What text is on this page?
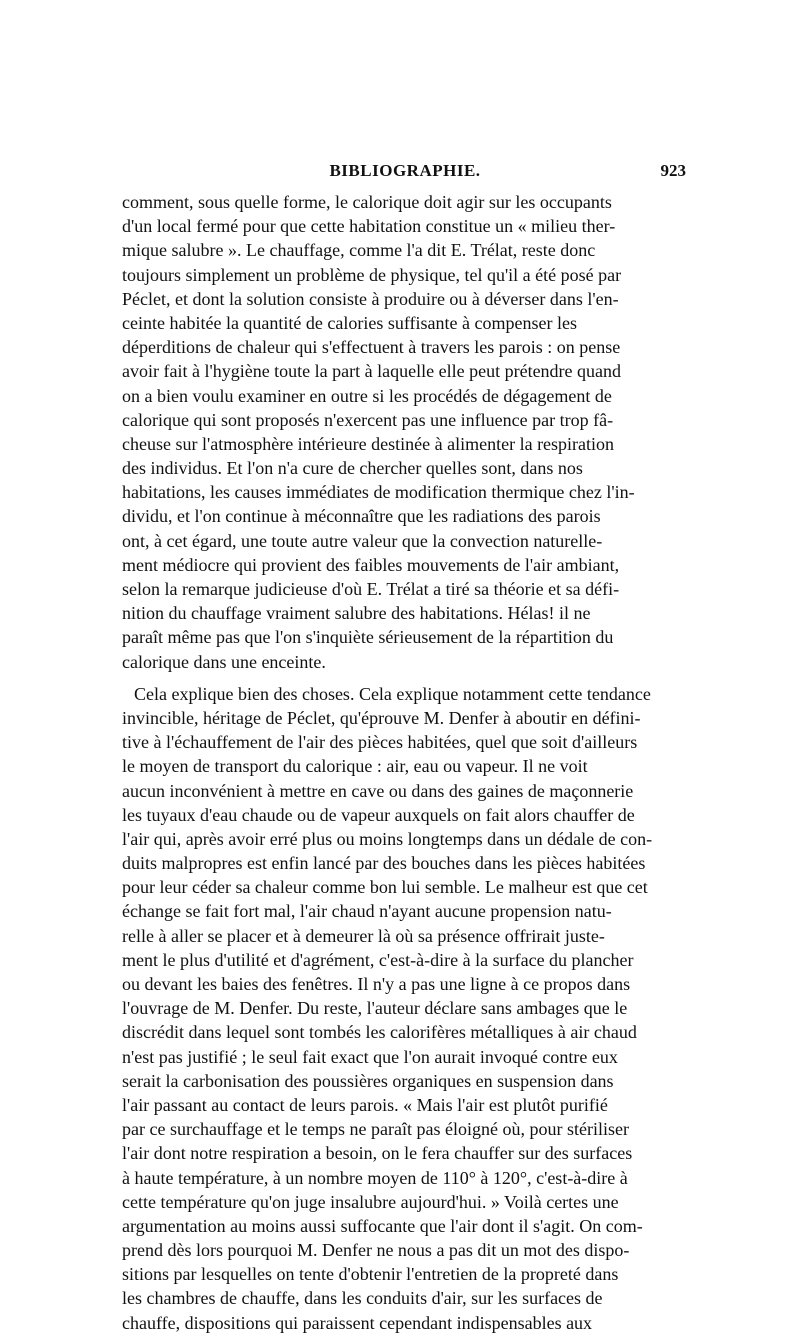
BIBLIOGRAPHIE.	923
comment, sous quelle forme, le calorique doit agir sur les occupants
d'un local fermé pour que cette habitation constitue un « milieu ther-
mique salubre ». Le chauffage, comme l'a dit E. Trélat, reste donc
toujours simplement un problème de physique, tel qu'il a été posé par
Péclet, et dont la solution consiste à produire ou à déverser dans l'en-
ceinte habitée la quantité de calories suffisante à compenser les
déperditions de chaleur qui s'effectuent à travers les parois : on pense
avoir fait à l'hygiène toute la part à laquelle elle peut prétendre quand
on a bien voulu examiner en outre si les procédés de dégagement de
calorique qui sont proposés n'exercent pas une influence par trop fâ-
cheuse sur l'atmosphère intérieure destinée à alimenter la respiration
des individus. Et l'on n'a cure de chercher quelles sont, dans nos
habitations, les causes immédiates de modification thermique chez l'in-
dividu, et l'on continue à méconnaître que les radiations des parois
ont, à cet égard, une toute autre valeur que la convection naturelle-
ment médiocre qui provient des faibles mouvements de l'air ambiant,
selon la remarque judicieuse d'où E. Trélat a tiré sa théorie et sa défi-
nition du chauffage vraiment salubre des habitations. Hélas! il ne
paraît même pas que l'on s'inquiète sérieusement de la répartition du
calorique dans une enceinte.
Cela explique bien des choses. Cela explique notamment cette tendance
invincible, héritage de Péclet, qu'éprouve M. Denfer à aboutir en défini-
tive à l'échauffement de l'air des pièces habitées, quel que soit d'ailleurs
le moyen de transport du calorique : air, eau ou vapeur. Il ne voit
aucun inconvénient à mettre en cave ou dans des gaines de maçonnerie
les tuyaux d'eau chaude ou de vapeur auxquels on fait alors chauffer de
l'air qui, après avoir erré plus ou moins longtemps dans un dédale de con-
duits malpropres est enfin lancé par des bouches dans les pièces habitées
pour leur céder sa chaleur comme bon lui semble. Le malheur est que cet
échange se fait fort mal, l'air chaud n'ayant aucune propension natu-
relle à aller se placer et à demeurer là où sa présence offrirait juste-
ment le plus d'utilité et d'agrément, c'est-à-dire à la surface du plancher
ou devant les baies des fenêtres. Il n'y a pas une ligne à ce propos dans
l'ouvrage de M. Denfer. Du reste, l'auteur déclare sans ambages que le
discrédit dans lequel sont tombés les calorifères métalliques à air chaud
n'est pas justifié ; le seul fait exact que l'on aurait invoqué contre eux
serait la carbonisation des poussières organiques en suspension dans
l'air passant au contact de leurs parois. « Mais l'air est plutôt purifié
par ce surchauffage et le temps ne paraît pas éloigné où, pour stériliser
l'air dont notre respiration a besoin, on le fera chauffer sur des surfaces
à haute température, à un nombre moyen de 110° à 120°, c'est-à-dire à
cette température qu'on juge insalubre aujourd'hui. » Voilà certes une
argumentation au moins aussi suffocante que l'air dont il s'agit. On com-
prend dès lors pourquoi M. Denfer ne nous a pas dit un mot des dispo-
sitions par lesquelles on tente d'obtenir l'entretien de la propreté dans
les chambres de chauffe, dans les conduits d'air, sur les surfaces de
chauffe, dispositions qui paraissent cependant indispensables aux
